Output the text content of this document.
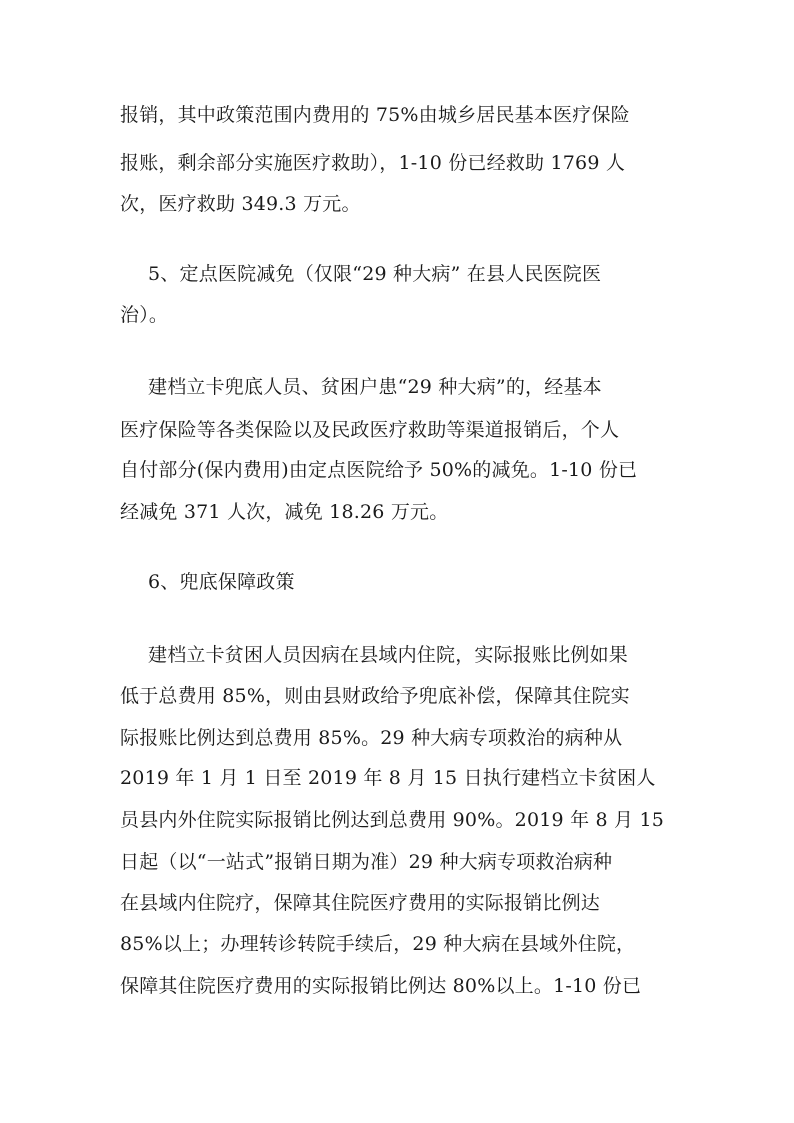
报销，其中政策范围内费用的 75%由城乡居民基本医疗保险
报账，剩余部分实施医疗救助），1-10 份已经救助 1769 人
次，医疗救助 349.3 万元。
5、定点医院减免（仅限“29 种大病” 在县人民医院医
治）。
建档立卡兜底人员、贫困户患“29 种大病”的，经基本
医疗保险等各类保险以及民政医疗救助等渠道报销后，个人
自付部分(保内费用)由定点医院给予 50%的减免。1-10 份已
经减免 371 人次，减免 18.26 万元。
6、兜底保障政策
建档立卡贫困人员因病在县域内住院，实际报账比例如果
低于总费用 85%，则由县财政给予兜底补偿，保障其住院实
际报账比例达到总费用 85%。29 种大病专项救治的病种从
2019 年 1 月 1 日至 2019 年 8 月 15 日执行建档立卡贫困人
员县内外住院实际报销比例达到总费用 90%。2019 年 8 月 15
日起（以“一站式”报销日期为准）29 种大病专项救治病种
在县域内住院疗，保障其住院医疗费用的实际报销比例达
85%以上；办理转诊转院手续后，29 种大病在县域外住院，
保障其住院医疗费用的实际报销比例达 80%以上。1-10 份已
